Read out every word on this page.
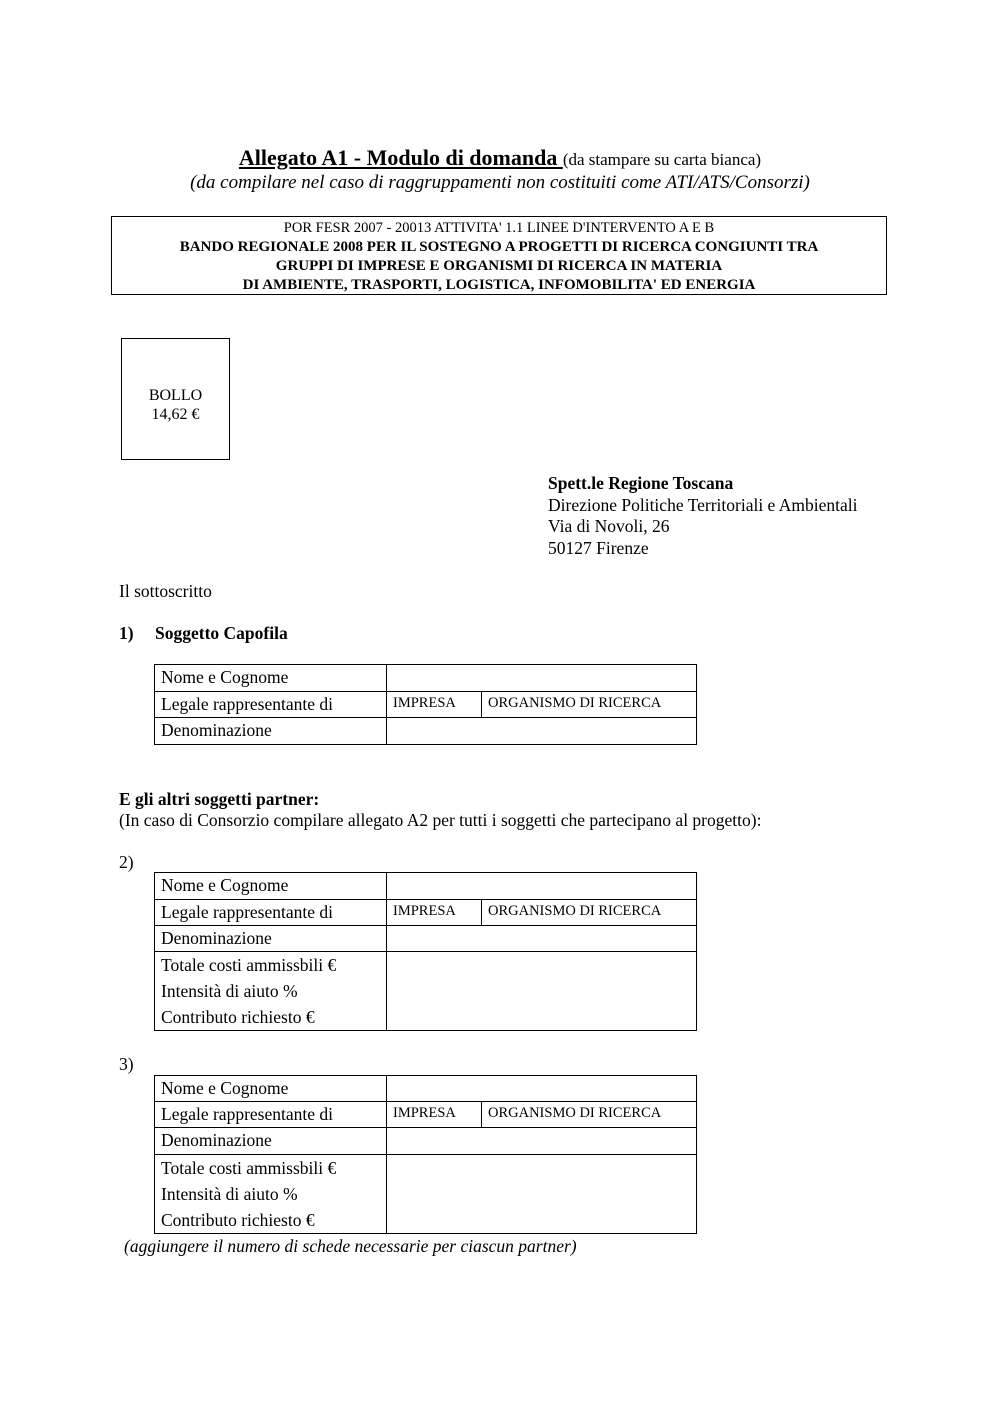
Allegato A1 - Modulo di domanda (da stampare su carta bianca)
(da compilare nel caso di raggruppamenti non costituiti come ATI/ATS/Consorzi)
POR FESR 2007 - 20013 ATTIVITA' 1.1 LINEE D'INTERVENTO A E B
BANDO REGIONALE 2008 PER IL SOSTEGNO A PROGETTI DI RICERCA CONGIUNTI TRA
GRUPPI DI IMPRESE E ORGANISMI DI RICERCA IN MATERIA
DI AMBIENTE, TRASPORTI, LOGISTICA, INFOMOBILITA' ED ENERGIA
BOLLO
14,62 €
Spett.le Regione Toscana
Direzione Politiche Territoriali e Ambientali
Via di Novoli, 26
50127 Firenze
Il sottoscritto
1) Soggetto Capofila
Nome e Cognome		
Legale rappresentante di	IMPRESA	ORGANISMO DI RICERCA
Denominazione		
E gli altri soggetti partner:
(In caso di Consorzio compilare allegato A2 per tutti i soggetti che partecipano al progetto):
2)
Nome e Cognome		
Legale rappresentante di	IMPRESA	ORGANISMO DI RICERCA
Denominazione		

Totale costi ammissbili €
Intensità di aiuto %
Contributo richiesto €		

3)
Nome e Cognome		
Legale rappresentante di	IMPRESA	ORGANISMO DI RICERCA
Denominazione		

Totale costi ammissbili €
Intensità di aiuto %
Contributo richiesto €		

(aggiungere il numero di schede necessarie per ciascun partner)
